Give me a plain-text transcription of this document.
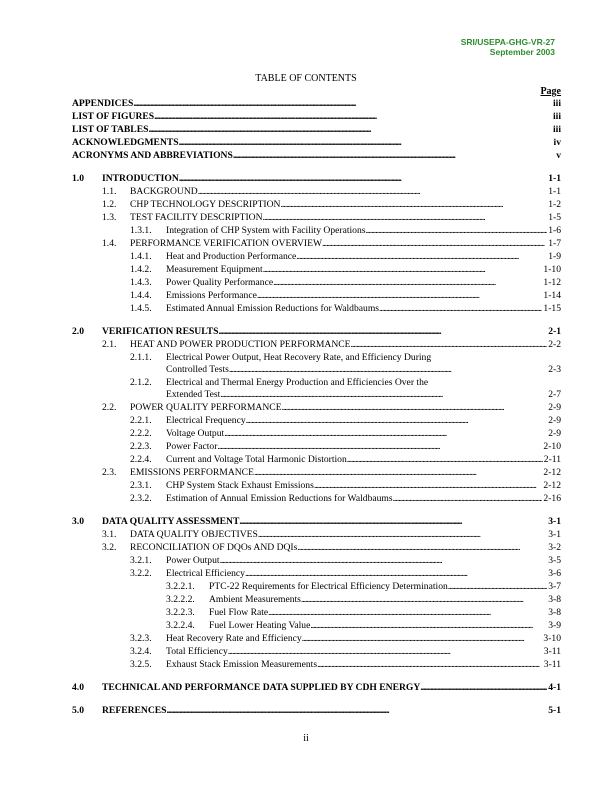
SRI/USEPA-GHG-VR-27
September 2003
TABLE OF CONTENTS
Page
APPENDICES . . .	iii
LIST OF FIGURES . . .	iii
LIST OF TABLES . . .	iii
ACKNOWLEDGMENTS . . .	iv
ACRONYMS AND ABBREVIATIONS . . .	v
1.0	INTRODUCTION . . .	1-1
1.1.	BACKGROUND . . .	1-1
1.2.	CHP TECHNOLOGY DESCRIPTION . . .	1-2
1.3.	TEST FACILITY DESCRIPTION . . .	1-5
1.3.1.	Integration of CHP System with Facility Operations . . .	1-6
1.4.	PERFORMANCE VERIFICATION OVERVIEW . . .	1-7
1.4.1.	Heat and Production Performance . . .	1-9
1.4.2.	Measurement Equipment . . .	1-10
1.4.3.	Power Quality Performance . . .	1-12
1.4.4.	Emissions Performance . . .	1-14
1.4.5.	Estimated Annual Emission Reductions for Waldbaums . . .	1-15
2.0	VERIFICATION RESULTS . . .	2-1
2.1.	HEAT AND POWER PRODUCTION PERFORMANCE . . .	2-2
2.1.1. Electrical Power Output, Heat Recovery Rate, and Efficiency During
Controlled Tests . . .	2-3
2.1.2. Electrical and Thermal Energy Production and Efficiencies Over the
Extended Test . . .	2-7
2.2.	POWER QUALITY PERFORMANCE . . .	2-9
2.2.1.	Electrical Frequency . . .	2-9
2.2.2.	Voltage Output . . .	2-9
2.2.3.	Power Factor . . .	2-10
2.2.4.	Current and Voltage Total Harmonic Distortion . . .	2-11
2.3.	EMISSIONS PERFORMANCE . . .	2-12
2.3.1.	CHP System Stack Exhaust Emissions . . .	2-12
2.3.2.	Estimation of Annual Emission Reductions for Waldbaums . . .	2-16
3.0	DATA QUALITY ASSESSMENT . . .	3-1
3.1.	DATA QUALITY OBJECTIVES . . .	3-1
3.2.	RECONCILIATION OF DQOs AND DQIs . . .	3-2
3.2.1.	Power Output . . .	3-5
3.2.2.	Electrical Efficiency . . .	3-6
3.2.2.1.	PTC-22 Requirements for Electrical Efficiency Determination . . .	3-7
3.2.2.2.	Ambient Measurements . . .	3-8
3.2.2.3.	Fuel Flow Rate . . .	3-8
3.2.2.4.	Fuel Lower Heating Value . . .	3-9
3.2.3.	Heat Recovery Rate and Efficiency . . .	3-10
3.2.4.	Total Efficiency . . .	3-11
3.2.5.	Exhaust Stack Emission Measurements . . .	3-11
4.0	TECHNICAL AND PERFORMANCE DATA SUPPLIED BY CDH ENERGY . . .	4-1
5.0	REFERENCES . . .	5-1
ii
